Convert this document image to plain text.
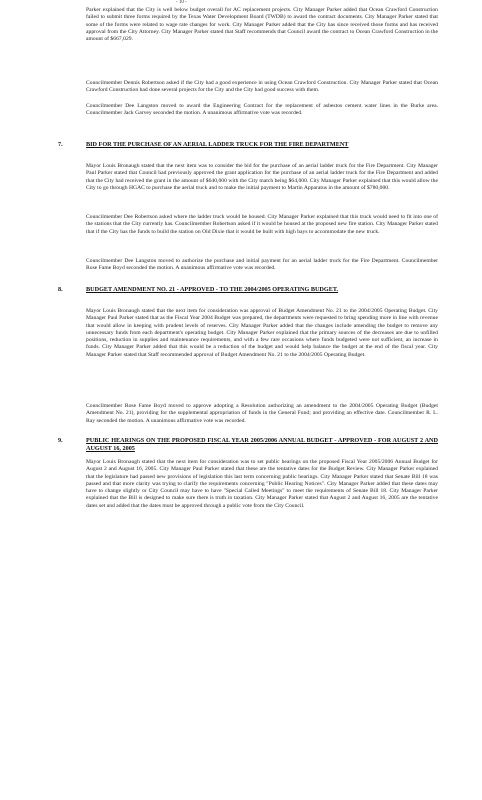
- 10 -

Parker explained that the City is well below budget overall for AC replacement projects. City Manager Parker added that Ocean Crawford Construction failed to submit three forms required by the Texas Water Development Board (TWDB) to award the contract documents. City Manager Parker stated that some of the forms were related to wage rate changes for work. City Manager Parker added that the City has since received those forms and has received approval from the City Attorney. City Manager Parker stated that Staff recommends that Council award the contract to Ocean Crawford Construction in the amount of $667,029.

Councilmember Dennis Robertson asked if the City had a good experience in using Ocean Crawford Construction. City Manager Parker stated that Ocean Crawford Construction had done several projects for the City and the City had good success with them.

Councilmember Dee Langston moved to award the Engineering Contract for the replacement of asbestos cement water lines in the Burke area. Councilmember Jack Garvey seconded the motion. A unanimous affirmative vote was recorded.

7.	BID FOR THE PURCHASE OF AN AERIAL LADDER TRUCK FOR THE FIRE DEPARTMENT

Mayor Louis Bronaugh stated that the next item was to consider the bid for the purchase of an aerial ladder truck for the Fire Department. City Manager Paul Parker stated that Council had previously approved the grant application for the purchase of an aerial ladder truck for the Fire Department and added that the City had received the grant in the amount of $640,000 with the City match being $64,000. City Manager Parker explained that this would allow the City to go through HGAC to purchase the aerial truck and to make the initial payment to Martin Apparatus in the amount of $780,000.

Councilmember Dee Robertson asked where the ladder truck would be housed. City Manager Parker explained that this truck would need to fit into one of the stations that the City currently has. Councilmember Robertson asked if it would be housed at the proposed new fire station. City Manager Parker stated that if the City has the funds to build the station on Old Dixie that it would be built with high bays to accommodate the new truck.

Councilmember Dee Langston moved to authorize the purchase and initial payment for an aerial ladder truck for the Fire Department. Councilmember Rose Fame Boyd seconded the motion. A unanimous affirmative vote was recorded.

8.	BUDGET AMENDMENT NO. 21 - APPROVED - TO THE 2004/2005 OPERATING BUDGET.

Mayor Louis Bronaugh stated that the next item for consideration was approval of Budget Amendment No. 21 to the 2004/2005 Operating Budget. City Manager Paul Parker stated that as the Fiscal Year 2004 Budget was prepared, the departments were requested to bring spending more in line with revenue that would allow in keeping with prudent levels of reserves. City Manager Parker added that the changes include amending the budget to remove any unnecessary funds from each department's operating budget. City Manager Parker explained that the primary sources of the decreases are due to unfilled positions, reduction in supplies and maintenance requirements, and with a few rare occasions where funds budgeted were not sufficient, an increase in funds. City Manager Parker added that this would be a reduction of the budget and would help balance the budget at the end of the fiscal year. City Manager Parker stated that Staff recommended approval of Budget Amendment No. 21 to the 2004/2005 Operating Budget.

Councilmember Rose Fame Boyd moved to approve adopting a Resolution authorizing an amendment to the 2004/2005 Operating Budget (Budget Amendment No. 21), providing for the supplemental appropriation of funds in the General Fund; and providing an effective date. Councilmember R. L. Ray seconded the motion. A unanimous affirmative vote was recorded.

9.	PUBLIC HEARINGS ON THE PROPOSED FISCAL YEAR 2005/2006 ANNUAL BUDGET - APPROVED - FOR AUGUST 2 AND AUGUST 16, 2005

Mayor Louis Bronaugh stated that the next item for consideration was to set public hearings on the proposed Fiscal Year 2005/2006 Annual Budget for August 2 and August 16, 2005. City Manager Paul Parker stated that these are the tentative dates for the Budget Review. City Manager Parker explained that the legislature had passed new provisions of legislation this last term concerning public hearings. City Manager Parker stated that Senate Bill 18 was passed and that more clarity was trying to clarify the requirements concerning "Public Hearing Notices". City Manager Parker added that these dates may have to change slightly or City Council may have to have "Special Called Meetings" to meet the requirements of Senate Bill 18. City Manager Parker explained that the Bill is designed to make sure there is truth in taxation. City Manager Parker stated that August 2 and August 16, 2005 are the tentative dates set and added that the dates must be approved through a public vote from the City Council.
